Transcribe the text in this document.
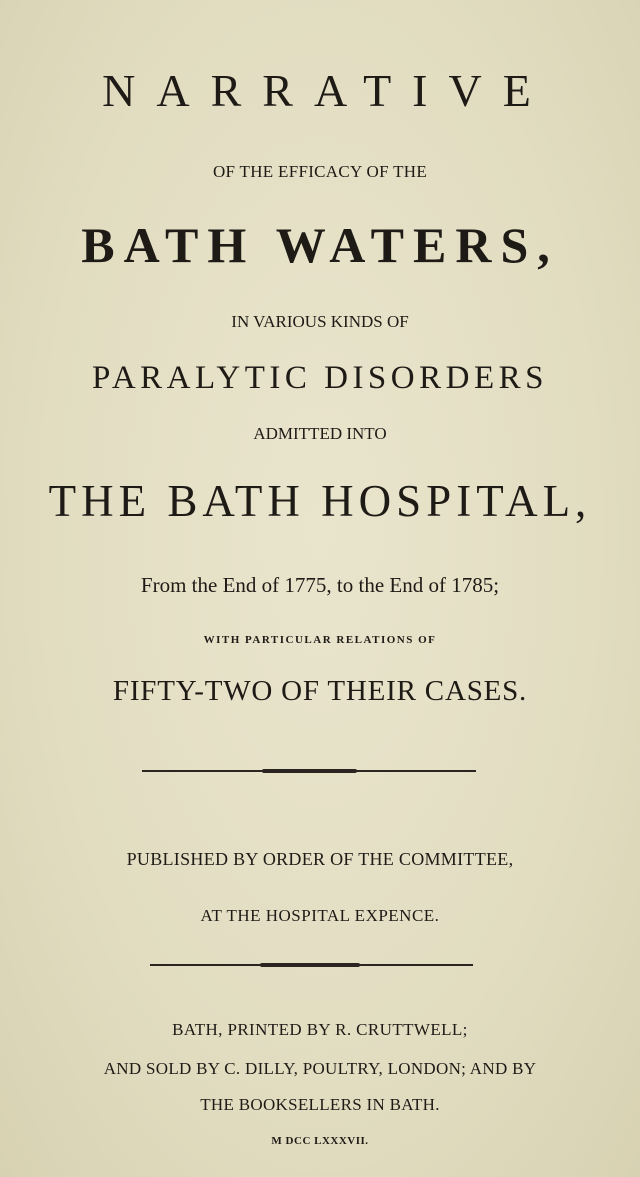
NARRATIVE
OF THE EFFICACY OF THE
BATH WATERS,
IN VARIOUS KINDS OF
PARALYTIC DISORDERS
ADMITTED INTO
THE BATH HOSPITAL,
From the End of 1775, to the End of 1785;
WITH PARTICULAR RELATIONS OF
FIFTY-TWO OF THEIR CASES.
PUBLISHED BY ORDER OF THE COMMITTEE,
AT THE HOSPITAL EXPENCE.
BATH, PRINTED BY R. CRUTTWELL;
AND SOLD BY C. DILLY, POULTRY, LONDON; AND BY
THE BOOKSELLERS IN BATH.
M DCC LXXXVII.
